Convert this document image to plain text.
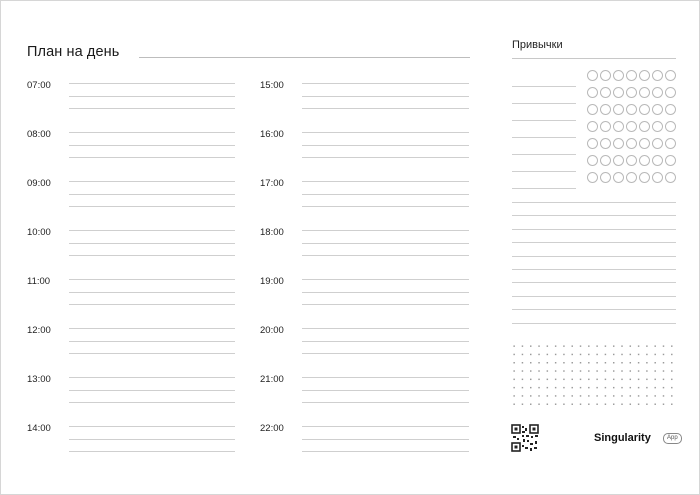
План на день
07:00
08:00
09:00
10:00
11:00
12:00
13:00
14:00
15:00
16:00
17:00
18:00
19:00
20:00
21:00
22:00
Привычки
Singularity	App
